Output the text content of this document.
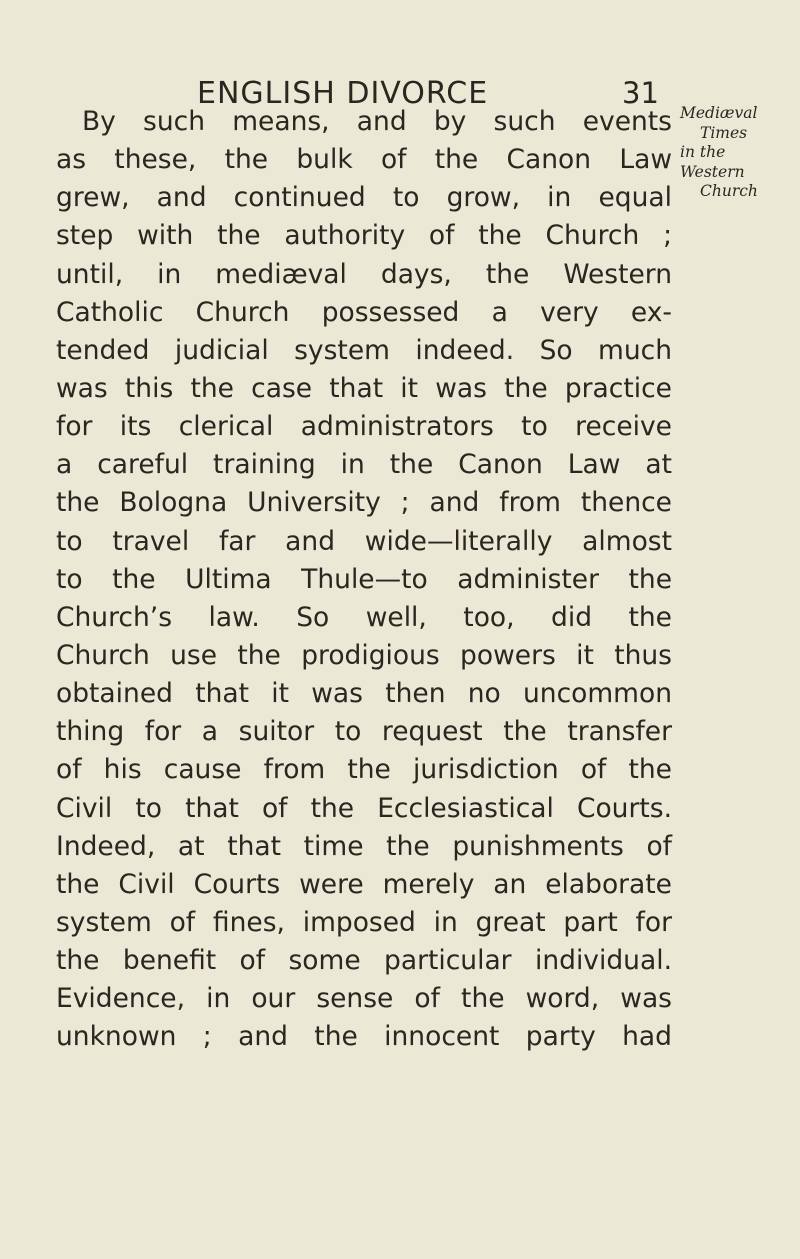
ENGLISH DIVORCE	31
Mediæval
Times
in the
Western
Church
By such means, and by such events
as these, the bulk of the Canon Law
grew, and continued to grow, in equal
step with the authority of the Church ;
until, in mediæval days, the Western
Catholic Church possessed a very ex-
tended judicial system indeed. So much
was this the case that it was the practice
for its clerical administrators to receive
a careful training in the Canon Law at
the Bologna University ; and from thence
to travel far and wide—literally almost
to the Ultima Thule—to administer the
Church’s law. So well, too, did the
Church use the prodigious powers it thus
obtained that it was then no uncommon
thing for a suitor to request the transfer
of his cause from the jurisdiction of the
Civil to that of the Ecclesiastical Courts.
Indeed, at that time the punishments of
the Civil Courts were merely an elaborate
system of fines, imposed in great part for
the benefit of some particular individual.
Evidence, in our sense of the word, was
unknown ; and the innocent party had
